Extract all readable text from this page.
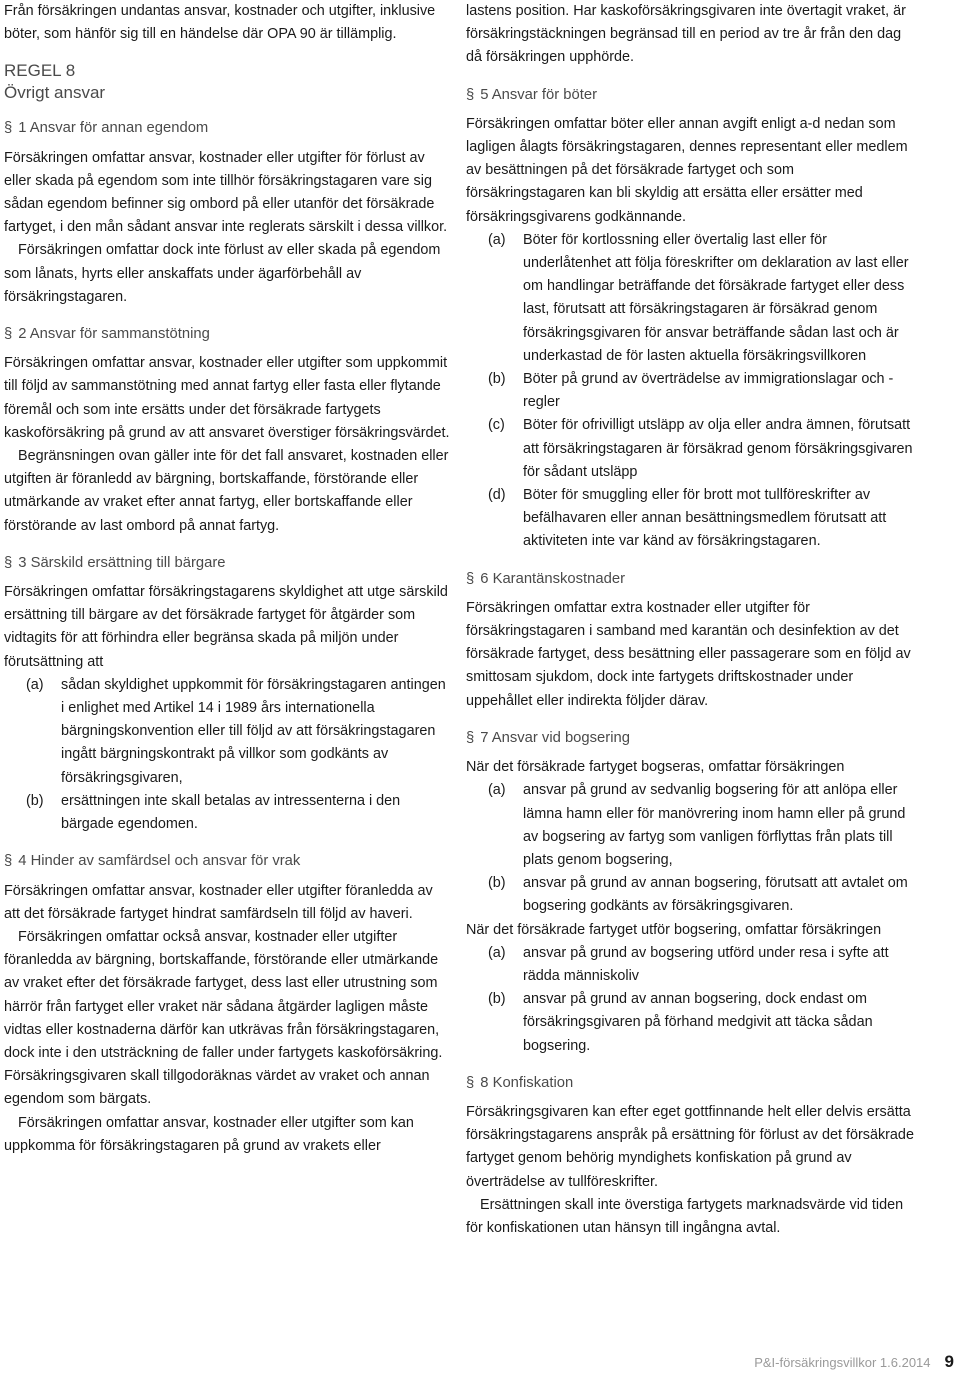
Från försäkringen undantas ansvar, kostnader och utgifter, inklusive böter, som hänför sig till en händelse där OPA 90 är tillämplig.

REGEL 8
Övrigt ansvar
§ 1 Ansvar för annan egendom

Försäkringen omfattar ansvar, kostnader eller utgifter för förlust av eller skada på egendom som inte tillhör försäkringstagaren vare sig sådan egendom befinner sig ombord på eller utanför det försäkrade fartyget, i den mån sådant ansvar inte reglerats särskilt i dessa villkor.

Försäkringen omfattar dock inte förlust av eller skada på egendom som lånats, hyrts eller anskaffats under ägarförbehåll av försäkringstagaren.

§ 2 Ansvar för sammanstötning

Försäkringen omfattar ansvar, kostnader eller utgifter som uppkommit till följd av sammanstötning med annat fartyg eller fasta eller flytande föremål och som inte ersätts under det försäkrade fartygets kaskoförsäkring på grund av att ansvaret överstiger försäkringsvärdet.

Begränsningen ovan gäller inte för det fall ansvaret, kostnaden eller utgiften är föranledd av bärgning, bortskaffande, förstörande eller utmärkande av vraket efter annat fartyg, eller bortskaffande eller förstörande av last ombord på annat fartyg.

§ 3 Särskild ersättning till bärgare

Försäkringen omfattar försäkringstagarens skyldighet att utge särskild ersättning till bärgare av det försäkrade fartyget för åtgärder som vidtagits för att förhindra eller begränsa skada på miljön under förutsättning att

(a)	sådan skyldighet uppkommit för försäkringstagaren antingen i enlighet med Artikel 14 i 1989 års internationella bärgningskonvention eller till följd av att försäkringstagaren ingått bärgningskontrakt på villkor som godkänts av försäkringsgivaren,
(b)	ersättningen inte skall betalas av intressenterna i den bärgade egendomen.
§ 4 Hinder av samfärdsel och ansvar för vrak

Försäkringen omfattar ansvar, kostnader eller utgifter föranledda av att det försäkrade fartyget hindrat samfärdseln till följd av haveri.

Försäkringen omfattar också ansvar, kostnader eller utgifter föranledda av bärgning, bortskaffande, förstörande eller utmärkande av vraket efter det försäkrade fartyget, dess last eller utrustning som härrör från fartyget eller vraket när sådana åtgärder lagligen måste vidtas eller kostnaderna därför kan utkrävas från försäkringstagaren, dock inte i den utsträckning de faller under fartygets kaskoförsäkring. Försäkringsgivaren skall tillgodoräknas värdet av vraket och annan egendom som bärgats.

Försäkringen omfattar ansvar, kostnader eller utgifter som kan uppkomma för försäkringstagaren på grund av vrakets eller

lastens position. Har kaskoförsäkringsgivaren inte övertagit vraket, är försäkringstäckningen begränsad till en period av tre år från den dag då försäkringen upphörde.

§ 5 Ansvar för böter

Försäkringen omfattar böter eller annan avgift enligt a-d nedan som lagligen ålagts försäkringstagaren, dennes representant eller medlem av besättningen på det försäkrade fartyget och som försäkringstagaren kan bli skyldig att ersätta eller ersätter med försäkringsgivarens godkännande.

(a)	Böter för kortlossning eller övertalig last eller för underlåtenhet att följa föreskrifter om deklaration av last eller om handlingar beträffande det försäkrade fartyget eller dess last, förutsatt att försäkringstagaren är försäkrad genom försäkringsgivaren för ansvar beträffande sådan last och är underkastad de för lasten aktuella försäkringsvillkoren
(b)	Böter på grund av överträdelse av immigrationslagar och -regler
(c)	Böter för ofrivilligt utsläpp av olja eller andra ämnen, förutsatt att försäkringstagaren är försäkrad genom försäkringsgivaren för sådant utsläpp
(d)	Böter för smuggling eller för brott mot tullföreskrifter av befälhavaren eller annan besättningsmedlem förutsatt att aktiviteten inte var känd av försäkringstagaren.
§ 6 Karantänskostnader

Försäkringen omfattar extra kostnader eller utgifter för försäkringstagaren i samband med karantän och desinfektion av det försäkrade fartyget, dess besättning eller passagerare som en följd av smittosam sjukdom, dock inte fartygets driftskostnader under uppehållet eller indirekta följder därav.

§ 7 Ansvar vid bogsering

När det försäkrade fartyget bogseras, omfattar försäkringen

(a)	ansvar på grund av sedvanlig bogsering för att anlöpa eller lämna hamn eller för manövrering inom hamn eller på grund av bogsering av fartyg som vanligen förflyttas från plats till plats genom bogsering,
(b)	ansvar på grund av annan bogsering, förutsatt att avtalet om bogsering godkänts av försäkringsgivaren.

När det försäkrade fartyget utför bogsering, omfattar försäkringen

(a)	ansvar på grund av bogsering utförd under resa i syfte att rädda människoliv
(b)	ansvar på grund av annan bogsering, dock endast om försäkringsgivaren på förhand medgivit att täcka sådan bogsering.
§ 8 Konfiskation

Försäkringsgivaren kan efter eget gottfinnande helt eller delvis ersätta försäkringstagarens anspråk på ersättning för förlust av det försäkrade fartyget genom behörig myndighets konfiskation på grund av överträdelse av tullföreskrifter.

Ersättningen skall inte överstiga fartygets marknadsvärde vid tiden för konfiskationen utan hänsyn till ingångna avtal.

P&I-försäkringsvillkor 1.6.2014 9
